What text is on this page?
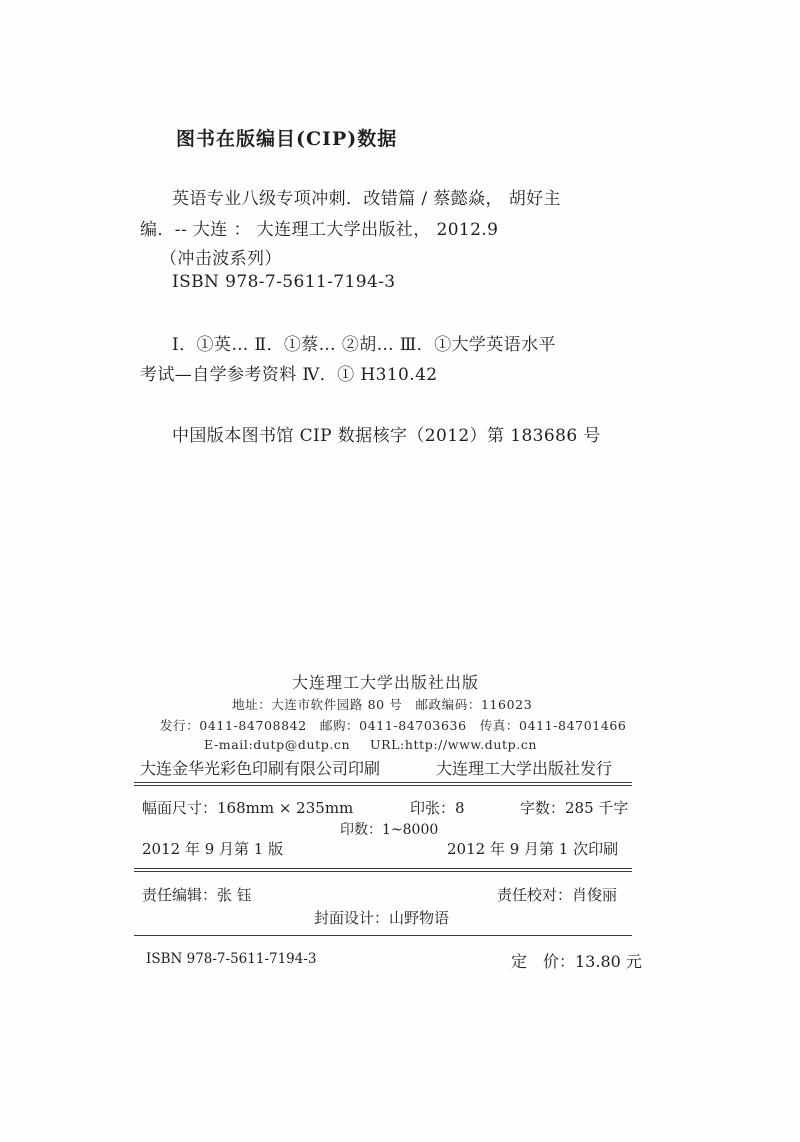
图书在版编目(CIP)数据
英语专业八级专项冲刺．改错篇 / 蔡懿焱， 胡好主
编．-- 大连 ： 大连理工大学出版社， 2012.9
（冲击波系列）
ISBN 978-7-5611-7194-3
Ⅰ．①英… Ⅱ．①蔡… ②胡… Ⅲ．①大学英语水平
考试—自学参考资料 Ⅳ．① H310.42
中国版本图书馆 CIP 数据核字（2012）第 183686 号
大连理工大学出版社出版
地址：大连市软件园路 80 号　邮政编码：116023
发行：0411-84708842　邮购：0411-84703636　传真：0411-84701466
E-mail:dutp@dutp.cn URL:http://www.dutp.cn
大连金华光彩色印刷有限公司印刷	大连理工大学出版社发行
幅面尺寸：168mm × 235mm	印张：8	字数：285 千字
印数：1~8000
2012 年 9 月第 1 版	2012 年 9 月第 1 次印刷
责任编辑：张 钰	责任校对：肖俊丽
封面设计：山野物语
ISBN 978-7-5611-7194-3	定　价：13.80 元
